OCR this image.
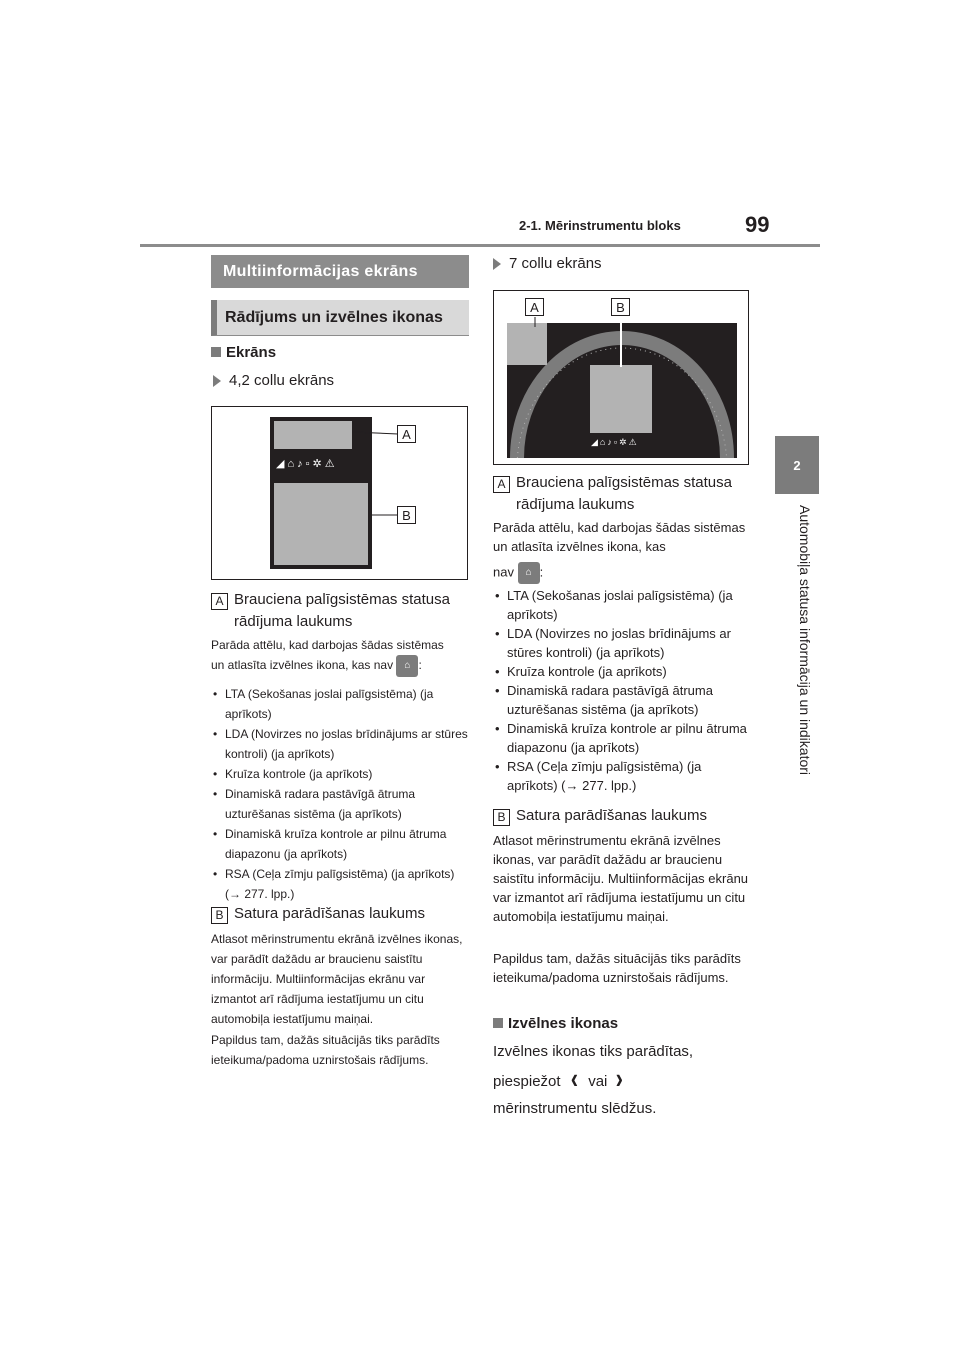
2-1. Mērinstrumentu bloks	99
2
Automobiļa statusa informācija un indikatori
Multiinformācijas ekrāns
Rādījums un izvēlnes ikonas
Ekrāns
4,2 collu ekrāns
◢⌂♪▫✲⚠
A
B
A Brauciena palīgsistēmas statusa
rādījuma laukums
Parāda attēlu, kad darbojas šādas sistēmas
un atlasīta izvēlnes ikona, kas nav ⌂ :
• LTA (Sekošanas joslai palīgsistēma) (ja aprīkots)
• LDA (Novirzes no joslas brīdinājums ar stūres kontroli) (ja aprīkots)
• Kruīza kontrole (ja aprīkots)
• Dinamiskā radara pastāvīgā ātruma uzturēšanas sistēma (ja aprīkots)
• Dinamiskā kruīza kontrole ar pilnu ātruma diapazonu (ja aprīkots)
• RSA (Ceļa zīmju palīgsistēma) (ja aprīkots) (→ 277. lpp.)
B Satura parādīšanas laukums
Atlasot mērinstrumentu ekrānā izvēlnes ikonas, var parādīt dažādu ar braucienu saistītu informāciju. Multiinformācijas ekrānu var izmantot arī rādījuma iestatījumu un citu automobiļa iestatījumu maiņai.
Papildus tam, dažās situācijās tiks parādīts ieteikuma/padoma uznirstošais rādījums.
7 collu ekrāns
◢⌂♪▫✲⚠
A	B
A Brauciena palīgsistēmas statusa
rādījuma laukums
Parāda attēlu, kad darbojas šādas sistēmas un atlasīta izvēlnes ikona, kas
nav ⌂ :
• LTA (Sekošanas joslai palīgsistēma) (ja aprīkots)
• LDA (Novirzes no joslas brīdinājums ar stūres kontroli) (ja aprīkots)
• Kruīza kontrole (ja aprīkots)
• Dinamiskā radara pastāvīgā ātruma uzturēšanas sistēma (ja aprīkots)
• Dinamiskā kruīza kontrole ar pilnu ātruma diapazonu (ja aprīkots)
• RSA (Ceļa zīmju palīgsistēma) (ja aprīkots) (→ 277. lpp.)
B Satura parādīšanas laukums
Atlasot mērinstrumentu ekrānā izvēlnes ikonas, var parādīt dažādu ar braucienu saistītu informāciju. Multiinformācijas ekrānu var izmantot arī rādījuma iestatījumu un citu automobiļa iestatījumu maiņai.
Papildus tam, dažās situācijās tiks parādīts ieteikuma/padoma uznirstošais rādījums.
Izvēlnes ikonas
Izvēlnes ikonas tiks parādītas,
piespiežot ‹ vai ›
mērinstrumentu slēdžus.
